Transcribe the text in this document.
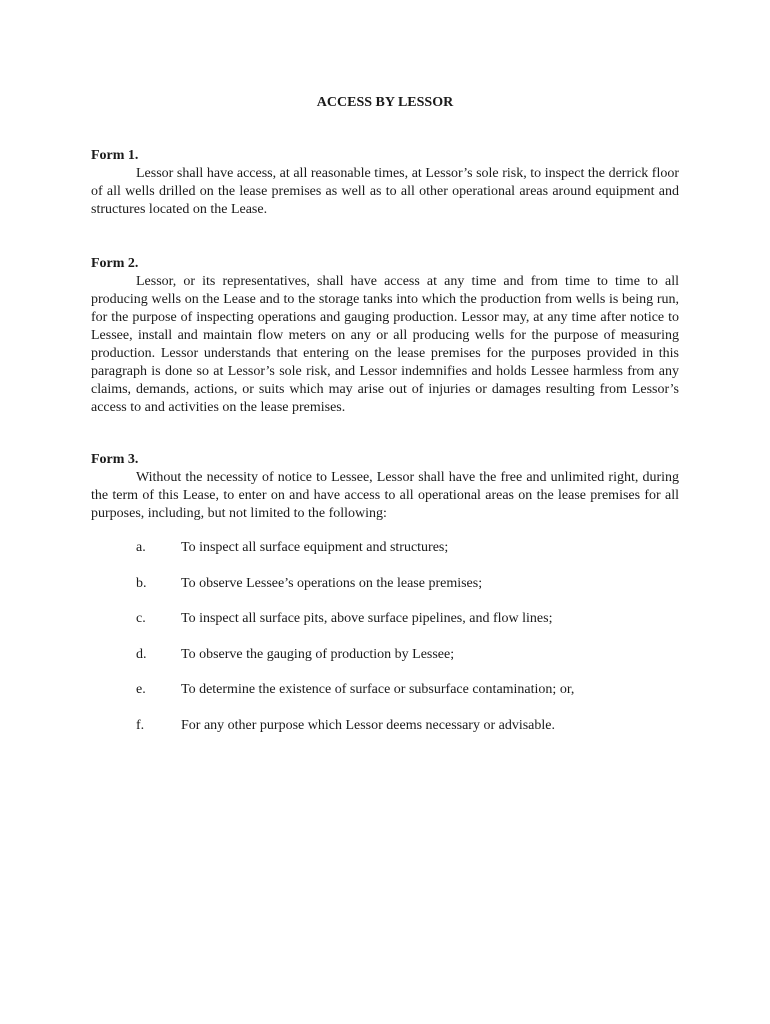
ACCESS BY LESSOR

Form 1.

Lessor shall have access, at all reasonable times, at Lessor’s sole risk, to inspect the derrick floor of all wells drilled on the lease premises as well as to all other operational areas around equipment and structures located on the Lease.

Form 2.

Lessor, or its representatives, shall have access at any time and from time to time to all producing wells on the Lease and to the storage tanks into which the production from wells is being run, for the purpose of inspecting operations and gauging production. Lessor may, at any time after notice to Lessee, install and maintain flow meters on any or all producing wells for the purpose of measuring production. Lessor understands that entering on the lease premises for the purposes provided in this paragraph is done so at Lessor’s sole risk, and Lessor indemnifies and holds Lessee harmless from any claims, demands, actions, or suits which may arise out of injuries or damages resulting from Lessor’s access to and activities on the lease premises.

Form 3.

Without the necessity of notice to Lessee, Lessor shall have the free and unlimited right, during the term of this Lease, to enter on and have access to all operational areas on the lease premises for all purposes, including, but not limited to the following:

a.	To inspect all surface equipment and structures;
b. To observe Lessee’s operations on the lease premises;
c.	To inspect all surface pits, above surface pipelines, and flow lines;
d. To observe the gauging of production by Lessee;
e.	To determine the existence of surface or subsurface contamination; or,
f.	For any other purpose which Lessor deems necessary or advisable.
